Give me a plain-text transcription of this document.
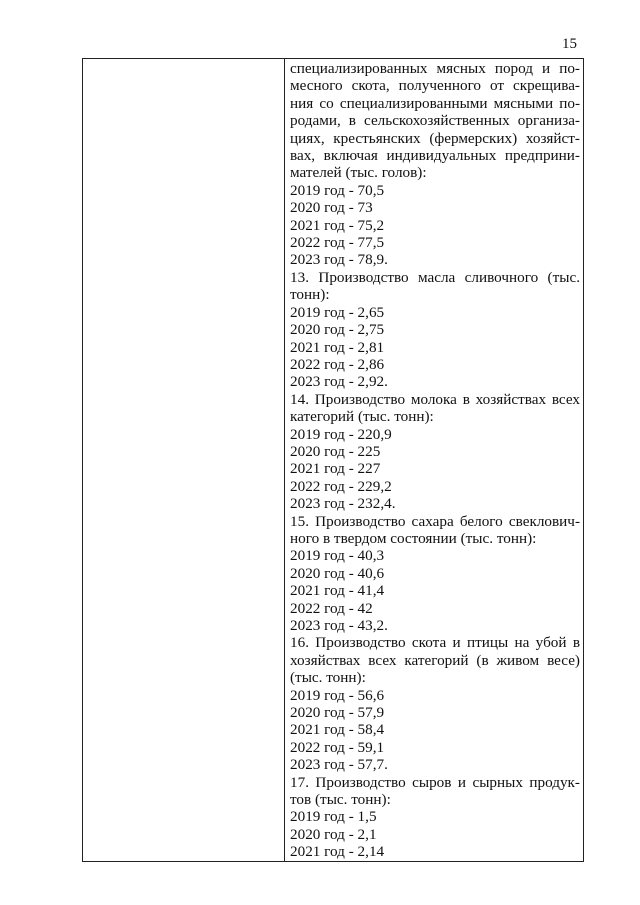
15
специализированных мясных пород и по-
месного скота, полученного от скрещива-
ния со специализированными мясными по-
родами, в сельскохозяйственных организа-
циях, крестьянских (фермерских) хозяйст-
вах, включая индивидуальных предприни-
мателей (тыс. голов):
2019 год - 70,5
2020 год - 73
2021 год - 75,2
2022 год - 77,5
2023 год - 78,9.
13. Производство масла сливочного (тыс.
тонн):
2019 год - 2,65
2020 год - 2,75
2021 год - 2,81
2022 год - 2,86
2023 год - 2,92.
14. Производство молока в хозяйствах всех
категорий (тыс. тонн):
2019 год - 220,9
2020 год - 225
2021 год - 227
2022 год - 229,2
2023 год - 232,4.
15. Производство сахара белого свеклович-
ного в твердом состоянии (тыс. тонн):
2019 год - 40,3
2020 год - 40,6
2021 год - 41,4
2022 год - 42
2023 год - 43,2.
16. Производство скота и птицы на убой в
хозяйствах всех категорий (в живом весе)
(тыс. тонн):
2019 год - 56,6
2020 год - 57,9
2021 год - 58,4
2022 год - 59,1
2023 год - 57,7.
17. Производство сыров и сырных продук-
тов (тыс. тонн):
2019 год - 1,5
2020 год - 2,1
2021 год - 2,14
